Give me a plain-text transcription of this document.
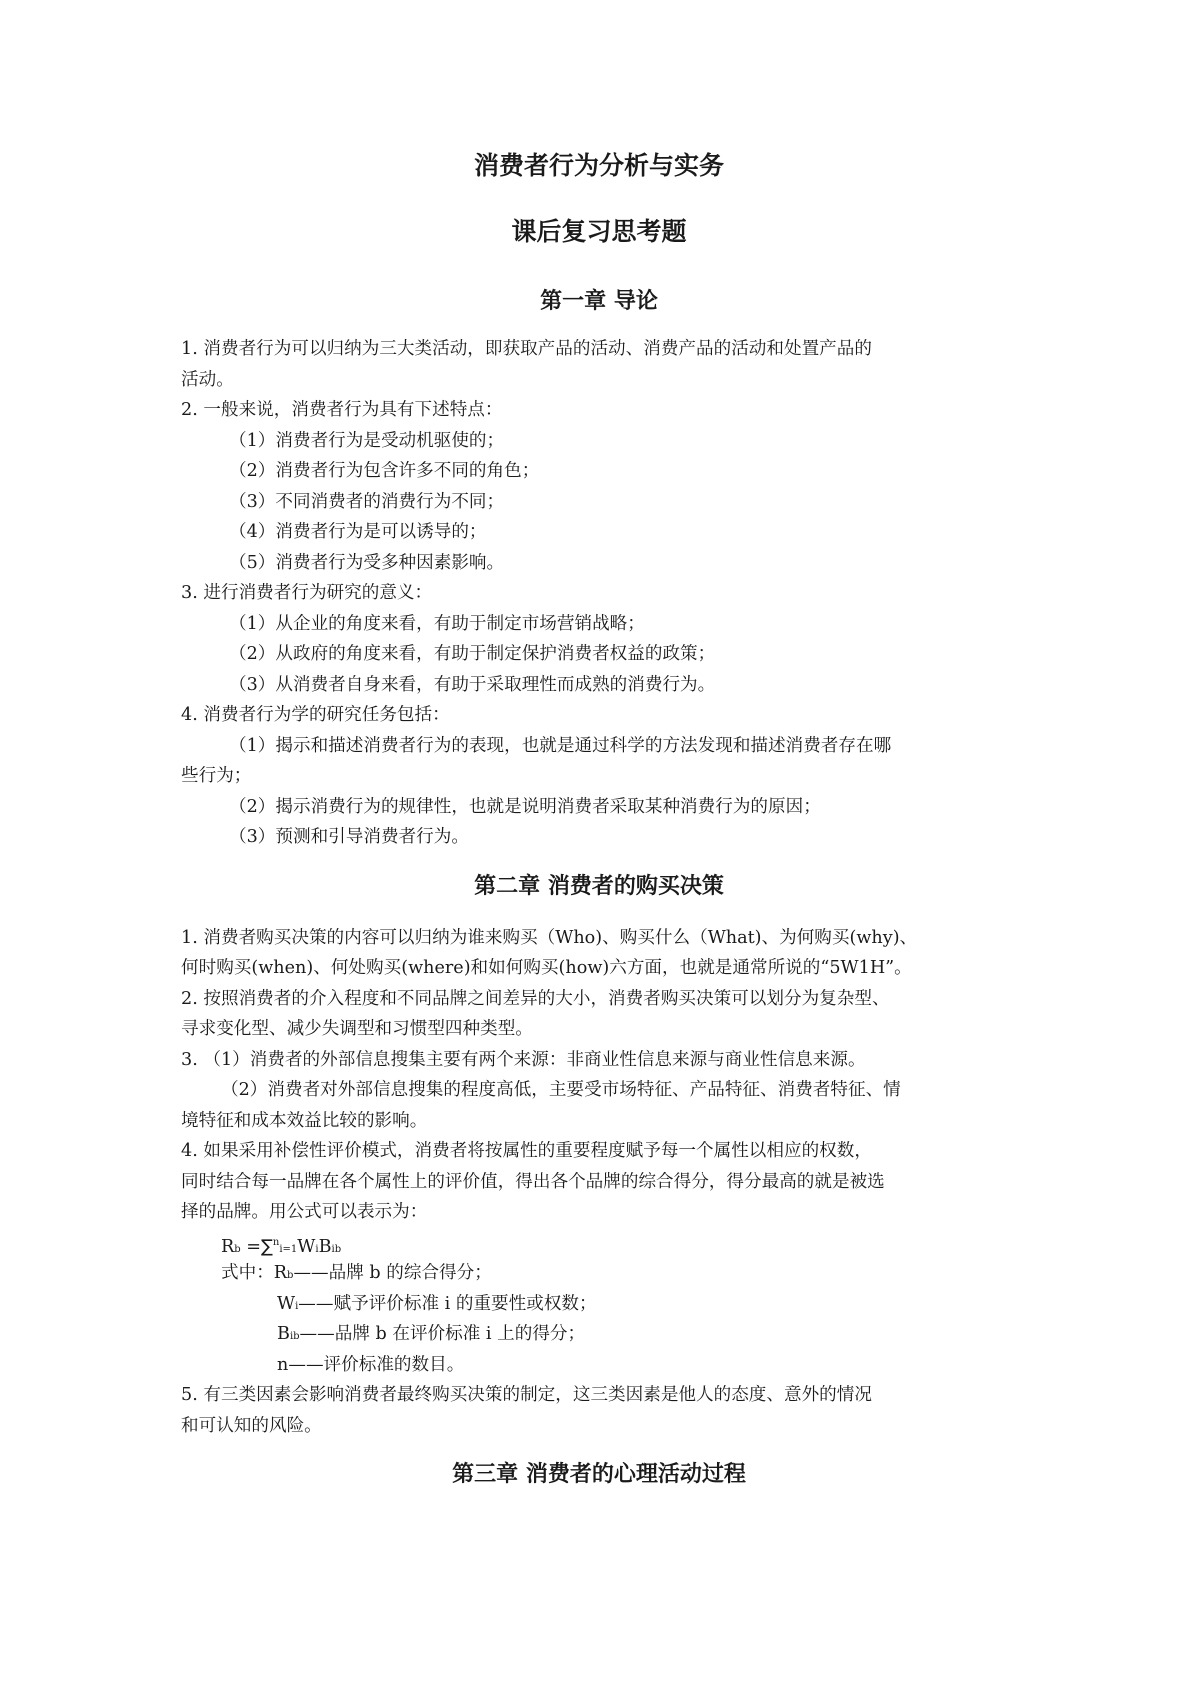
消费者行为分析与实务
课后复习思考题
第一章 导论
1. 消费者行为可以归纳为三大类活动，即获取产品的活动、消费产品的活动和处置产品的
活动。
2. 一般来说，消费者行为具有下述特点：
（1）消费者行为是受动机驱使的；
（2）消费者行为包含许多不同的角色；
（3）不同消费者的消费行为不同；
（4）消费者行为是可以诱导的；
（5）消费者行为受多种因素影响。
3. 进行消费者行为研究的意义：
（1）从企业的角度来看，有助于制定市场营销战略；
（2）从政府的角度来看，有助于制定保护消费者权益的政策；
（3）从消费者自身来看，有助于采取理性而成熟的消费行为。
4. 消费者行为学的研究任务包括：
（1）揭示和描述消费者行为的表现，也就是通过科学的方法发现和描述消费者存在哪
些行为；
（2）揭示消费行为的规律性，也就是说明消费者采取某种消费行为的原因；
（3）预测和引导消费者行为。
第二章 消费者的购买决策
1. 消费者购买决策的内容可以归纳为谁来购买（Who)、购买什么（What)、为何购买(why)、
何时购买(when)、何处购买(where)和如何购买(how)六方面，也就是通常所说的“5W1H”。
2. 按照消费者的介入程度和不同品牌之间差异的大小，消费者购买决策可以划分为复杂型、
寻求变化型、减少失调型和习惯型四种类型。
3. （1）消费者的外部信息搜集主要有两个来源：非商业性信息来源与商业性信息来源。
（2）消费者对外部信息搜集的程度高低，主要受市场特征、产品特征、消费者特征、情
境特征和成本效益比较的影响。
4. 如果采用补偿性评价模式，消费者将按属性的重要程度赋予每一个属性以相应的权数，
同时结合每一品牌在各个属性上的评价值，得出各个品牌的综合得分，得分最高的就是被选
择的品牌。用公式可以表示为：
Rb =∑$^n$i=1WiBib
式中：Rb——品牌 b 的综合得分；
Wi——赋予评价标准 i 的重要性或权数；
Bib——品牌 b 在评价标准 i 上的得分；
n——评价标准的数目。
5. 有三类因素会影响消费者最终购买决策的制定，这三类因素是他人的态度、意外的情况
和可认知的风险。
第三章 消费者的心理活动过程
